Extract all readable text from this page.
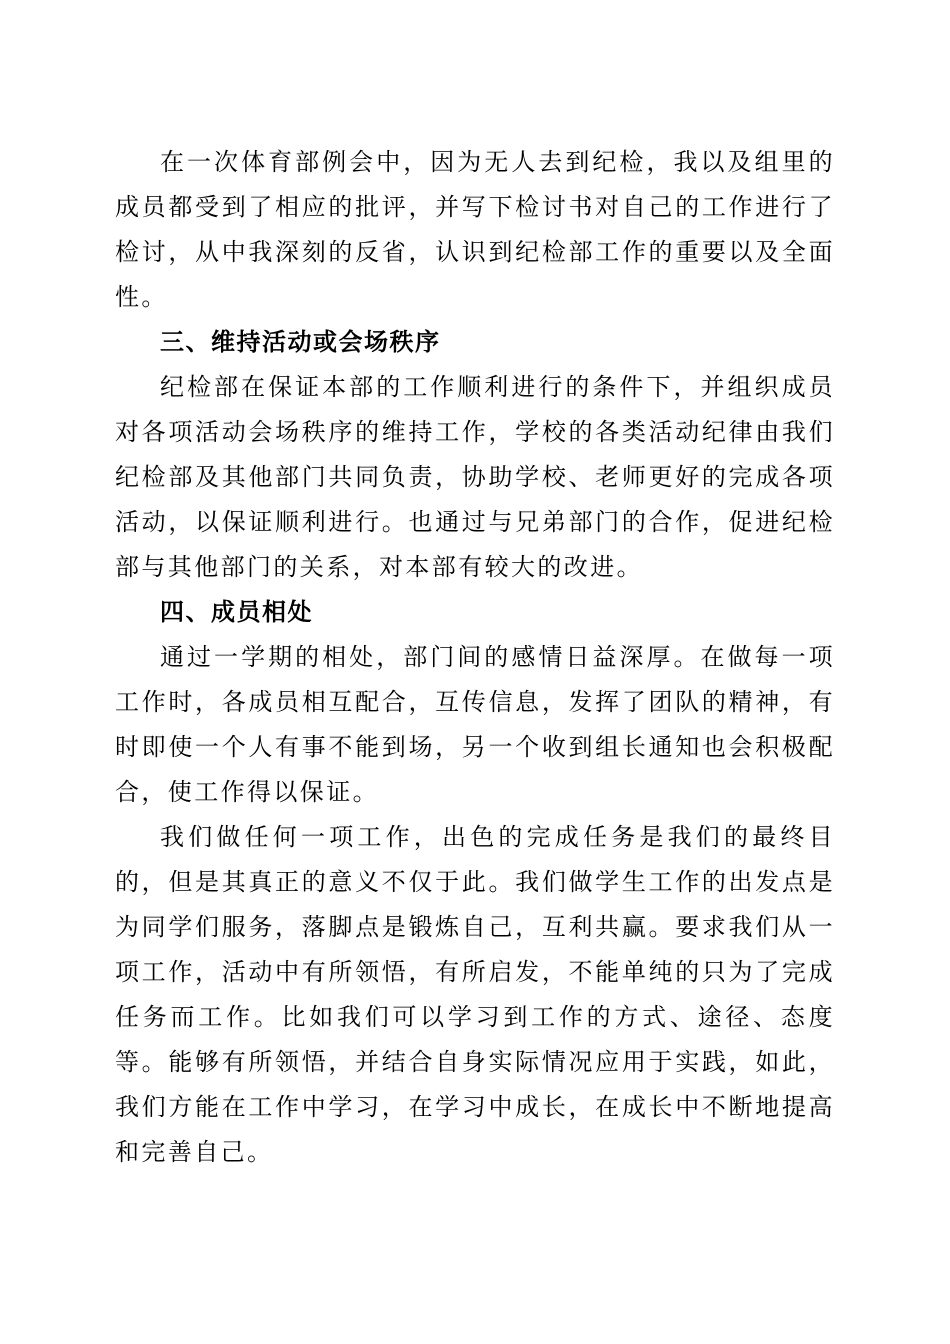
在一次体育部例会中，因为无人去到纪检，我以及组里的成员都受到了相应的批评，并写下检讨书对自己的工作进行了检讨，从中我深刻的反省，认识到纪检部工作的重要以及全面性。

三、维持活动或会场秩序

纪检部在保证本部的工作顺利进行的条件下，并组织成员对各项活动会场秩序的维持工作，学校的各类活动纪律由我们纪检部及其他部门共同负责，协助学校、老师更好的完成各项活动，以保证顺利进行。也通过与兄弟部门的合作，促进纪检部与其他部门的关系，对本部有较大的改进。

四、成员相处

通过一学期的相处，部门间的感情日益深厚。在做每一项工作时，各成员相互配合，互传信息，发挥了团队的精神，有时即使一个人有事不能到场，另一个收到组长通知也会积极配合，使工作得以保证。

我们做任何一项工作，出色的完成任务是我们的最终目的，但是其真正的意义不仅于此。我们做学生工作的出发点是为同学们服务，落脚点是锻炼自己，互利共赢。要求我们从一项工作，活动中有所领悟，有所启发，不能单纯的只为了完成任务而工作。比如我们可以学习到工作的方式、途径、态度等。能够有所领悟，并结合自身实际情况应用于实践，如此，我们方能在工作中学习，在学习中成长，在成长中不断地提高和完善自己。
